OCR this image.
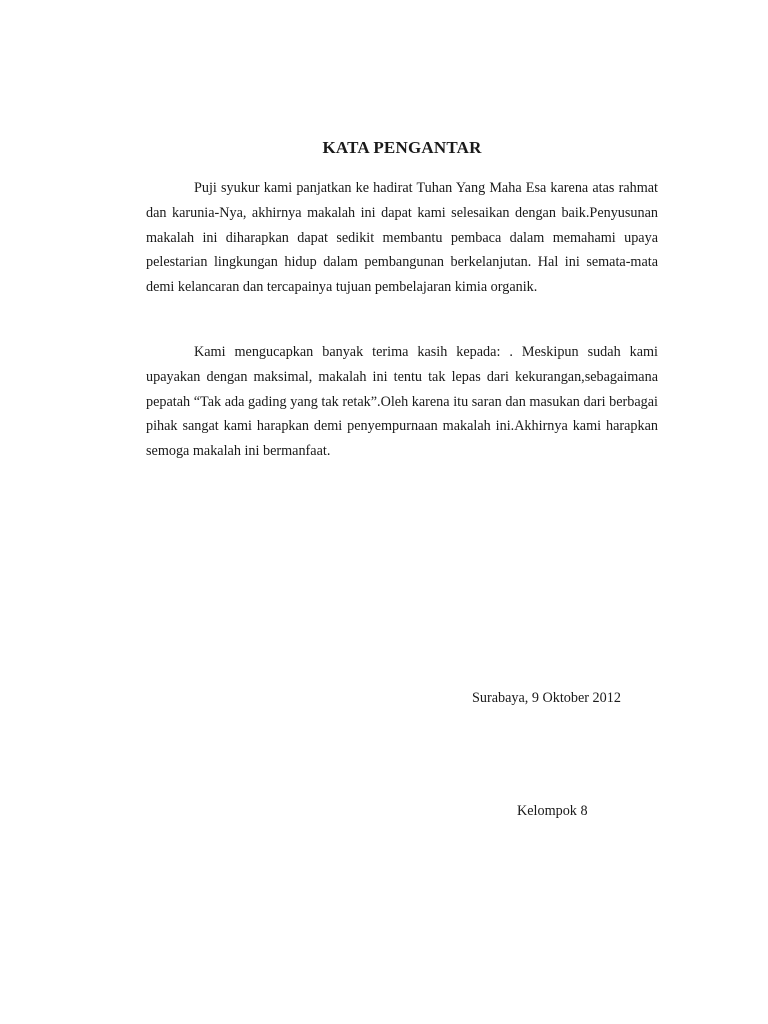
KATA PENGANTAR

Puji syukur kami panjatkan ke hadirat Tuhan Yang Maha Esa karena atas rahmat dan karunia-Nya, akhirnya makalah ini dapat kami selesaikan dengan baik.Penyusunan makalah ini diharapkan dapat sedikit membantu pembaca dalam memahami upaya pelestarian lingkungan hidup dalam pembangunan berkelanjutan. Hal ini semata-mata demi kelancaran dan tercapainya tujuan pembelajaran kimia organik.

Kami mengucapkan banyak terima kasih kepada: . Meskipun sudah kami upayakan dengan maksimal, makalah ini tentu tak lepas dari kekurangan,sebagaimana pepatah “Tak ada gading yang tak retak”.Oleh karena itu saran dan masukan dari berbagai pihak sangat kami harapkan demi penyempurnaan makalah ini.Akhirnya kami harapkan semoga makalah ini bermanfaat.

Surabaya, 9 Oktober 2012
Kelompok 8
